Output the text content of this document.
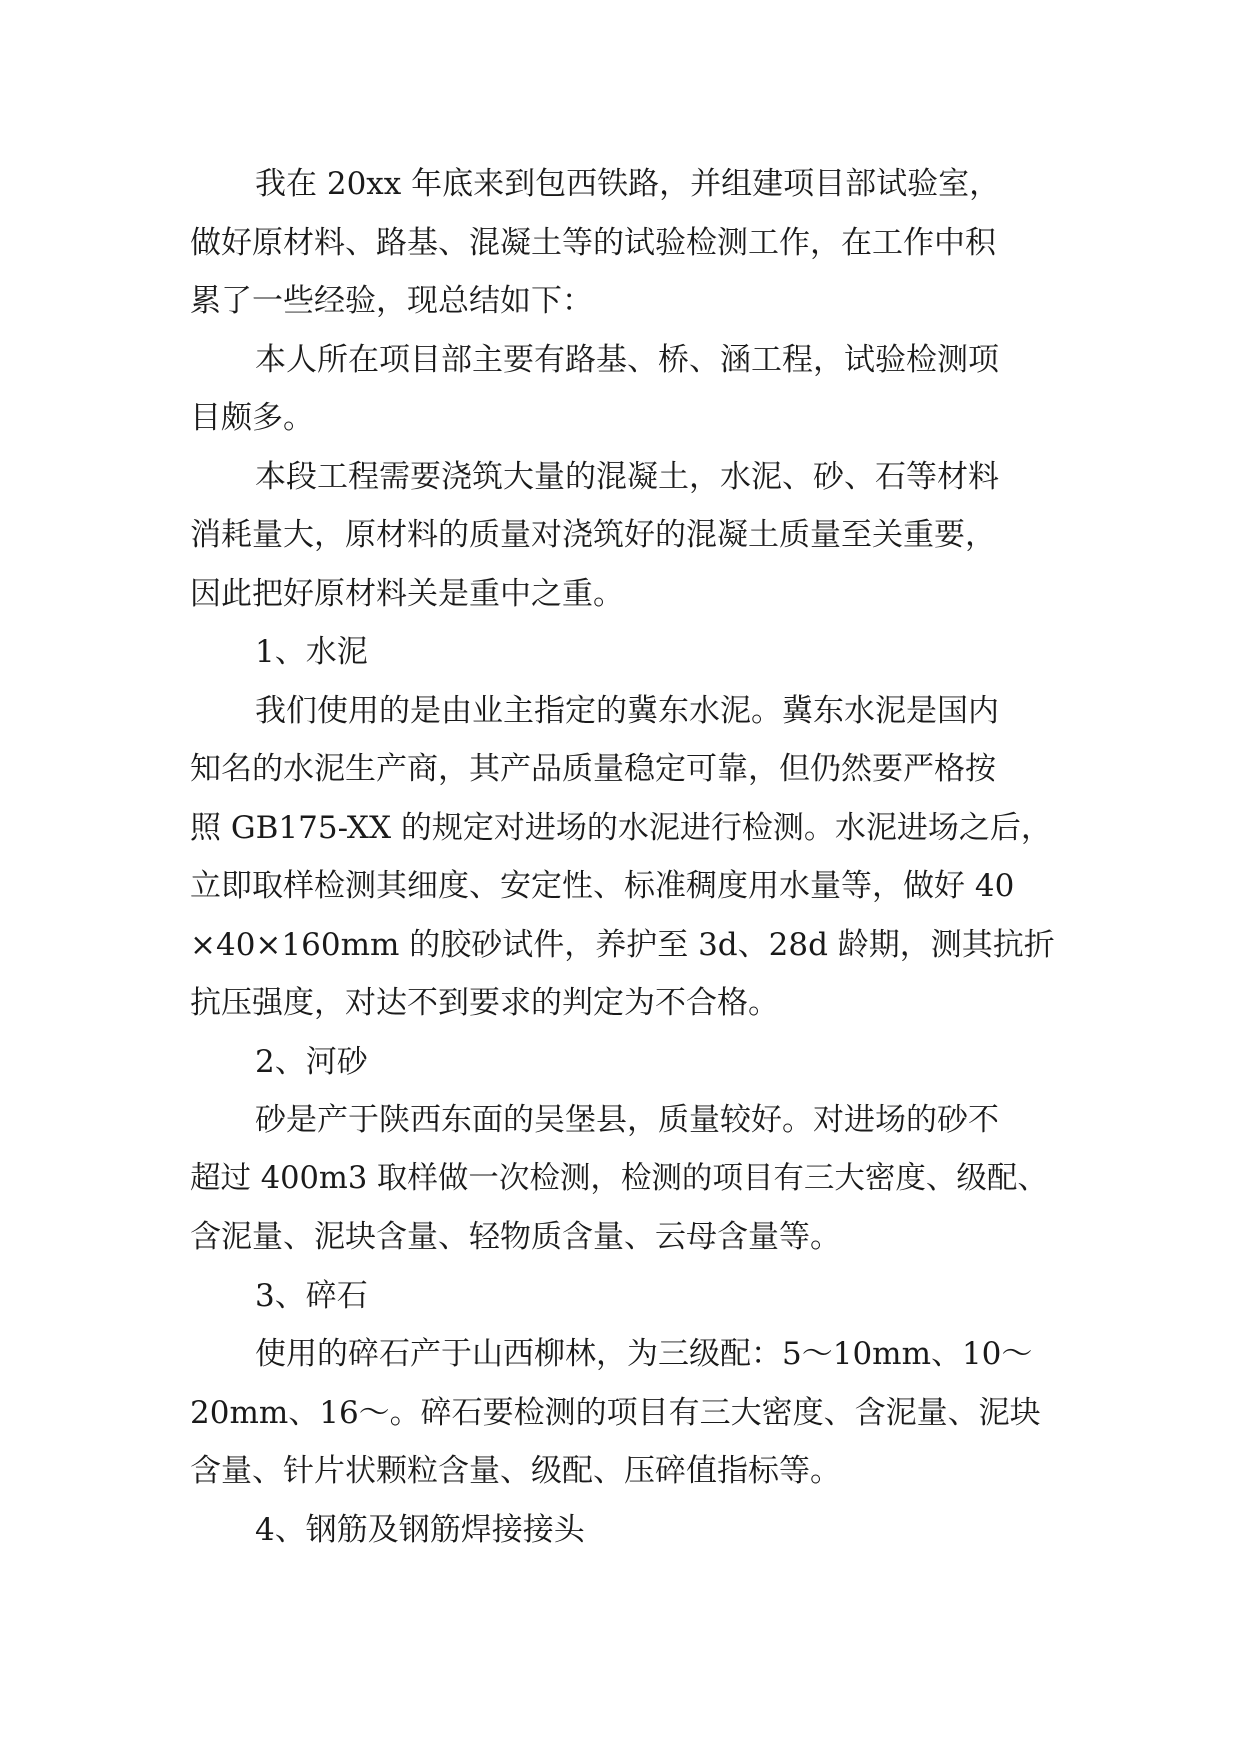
我在 20xx 年底来到包西铁路，并组建项目部试验室，
做好原材料、路基、混凝土等的试验检测工作，在工作中积
累了一些经验，现总结如下：
本人所在项目部主要有路基、桥、涵工程，试验检测项
目颇多。
本段工程需要浇筑大量的混凝土，水泥、砂、石等材料
消耗量大，原材料的质量对浇筑好的混凝土质量至关重要，
因此把好原材料关是重中之重。
1、水泥
我们使用的是由业主指定的冀东水泥。冀东水泥是国内
知名的水泥生产商，其产品质量稳定可靠，但仍然要严格按
照 GB175-XX 的规定对进场的水泥进行检测。水泥进场之后，
立即取样检测其细度、安定性、标准稠度用水量等，做好 40
×40×160mm 的胶砂试件，养护至 3d、28d 龄期，测其抗折
抗压强度，对达不到要求的判定为不合格。
2、河砂
砂是产于陕西东面的吴堡县，质量较好。对进场的砂不
超过 400m3 取样做一次检测，检测的项目有三大密度、级配、
含泥量、泥块含量、轻物质含量、云母含量等。
3、碎石
使用的碎石产于山西柳林，为三级配：5～10mm、10～
20mm、16～。碎石要检测的项目有三大密度、含泥量、泥块
含量、针片状颗粒含量、级配、压碎值指标等。
4、钢筋及钢筋焊接接头
